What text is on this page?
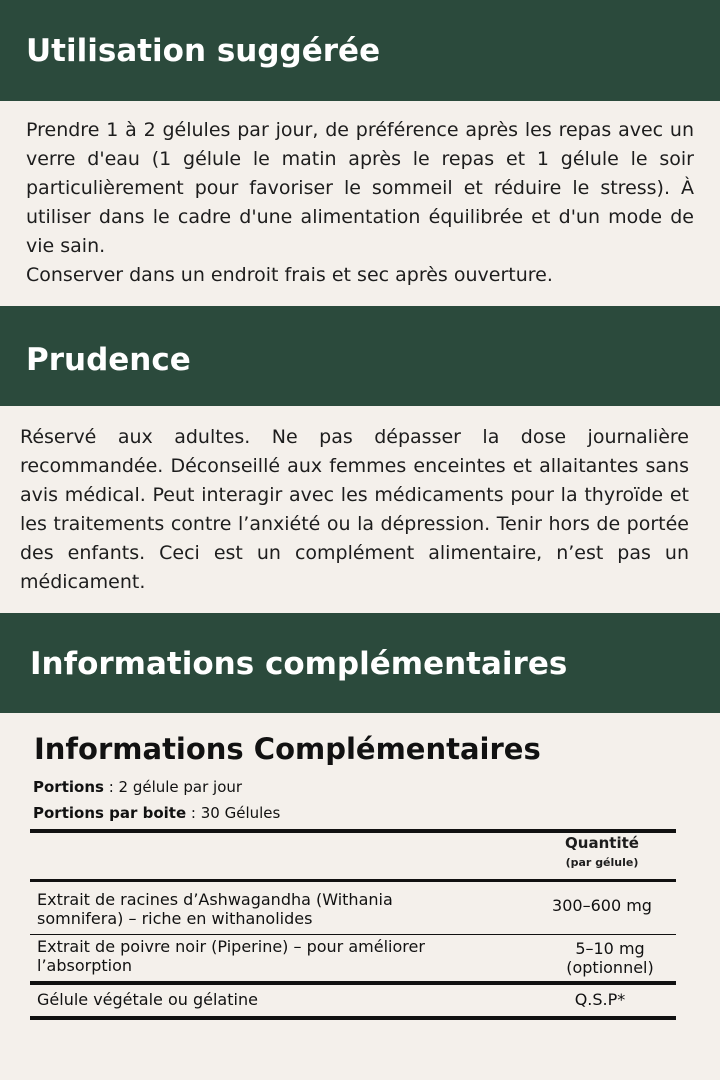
Utilisation suggérée

Prendre 1 à 2 gélules par jour, de préférence après les repas avec un verre d'eau (1 gélule le matin après le repas et 1 gélule le soir particulièrement pour favoriser le sommeil et réduire le stress). À utiliser dans le cadre d'une alimentation équilibrée et d'un mode de vie sain.

Conserver dans un endroit frais et sec après ouverture.

Prudence

Réservé aux adultes. Ne pas dépasser la dose journalière recommandée. Déconseillé aux femmes enceintes et allaitantes sans avis médical. Peut interagir avec les médicaments pour la thyroïde et les traitements contre l’anxiété ou la dépression. Tenir hors de portée des enfants. Ceci est un complément alimentaire, n’est pas un médicament.

Informations complémentaires
Informations Complémentaires
Portions : 2 gélule par jour
Portions par boite : 30 Gélules
Quantité
(par gélule)
Extrait de racines d’Ashwagandha (Withania somnifera) – riche en withanolides
300–600 mg
Extrait de poivre noir (Piperine) – pour améliorer l’absorption
5–10 mg
(optionnel)
Gélule végétale ou gélatine	Q.S.P*
